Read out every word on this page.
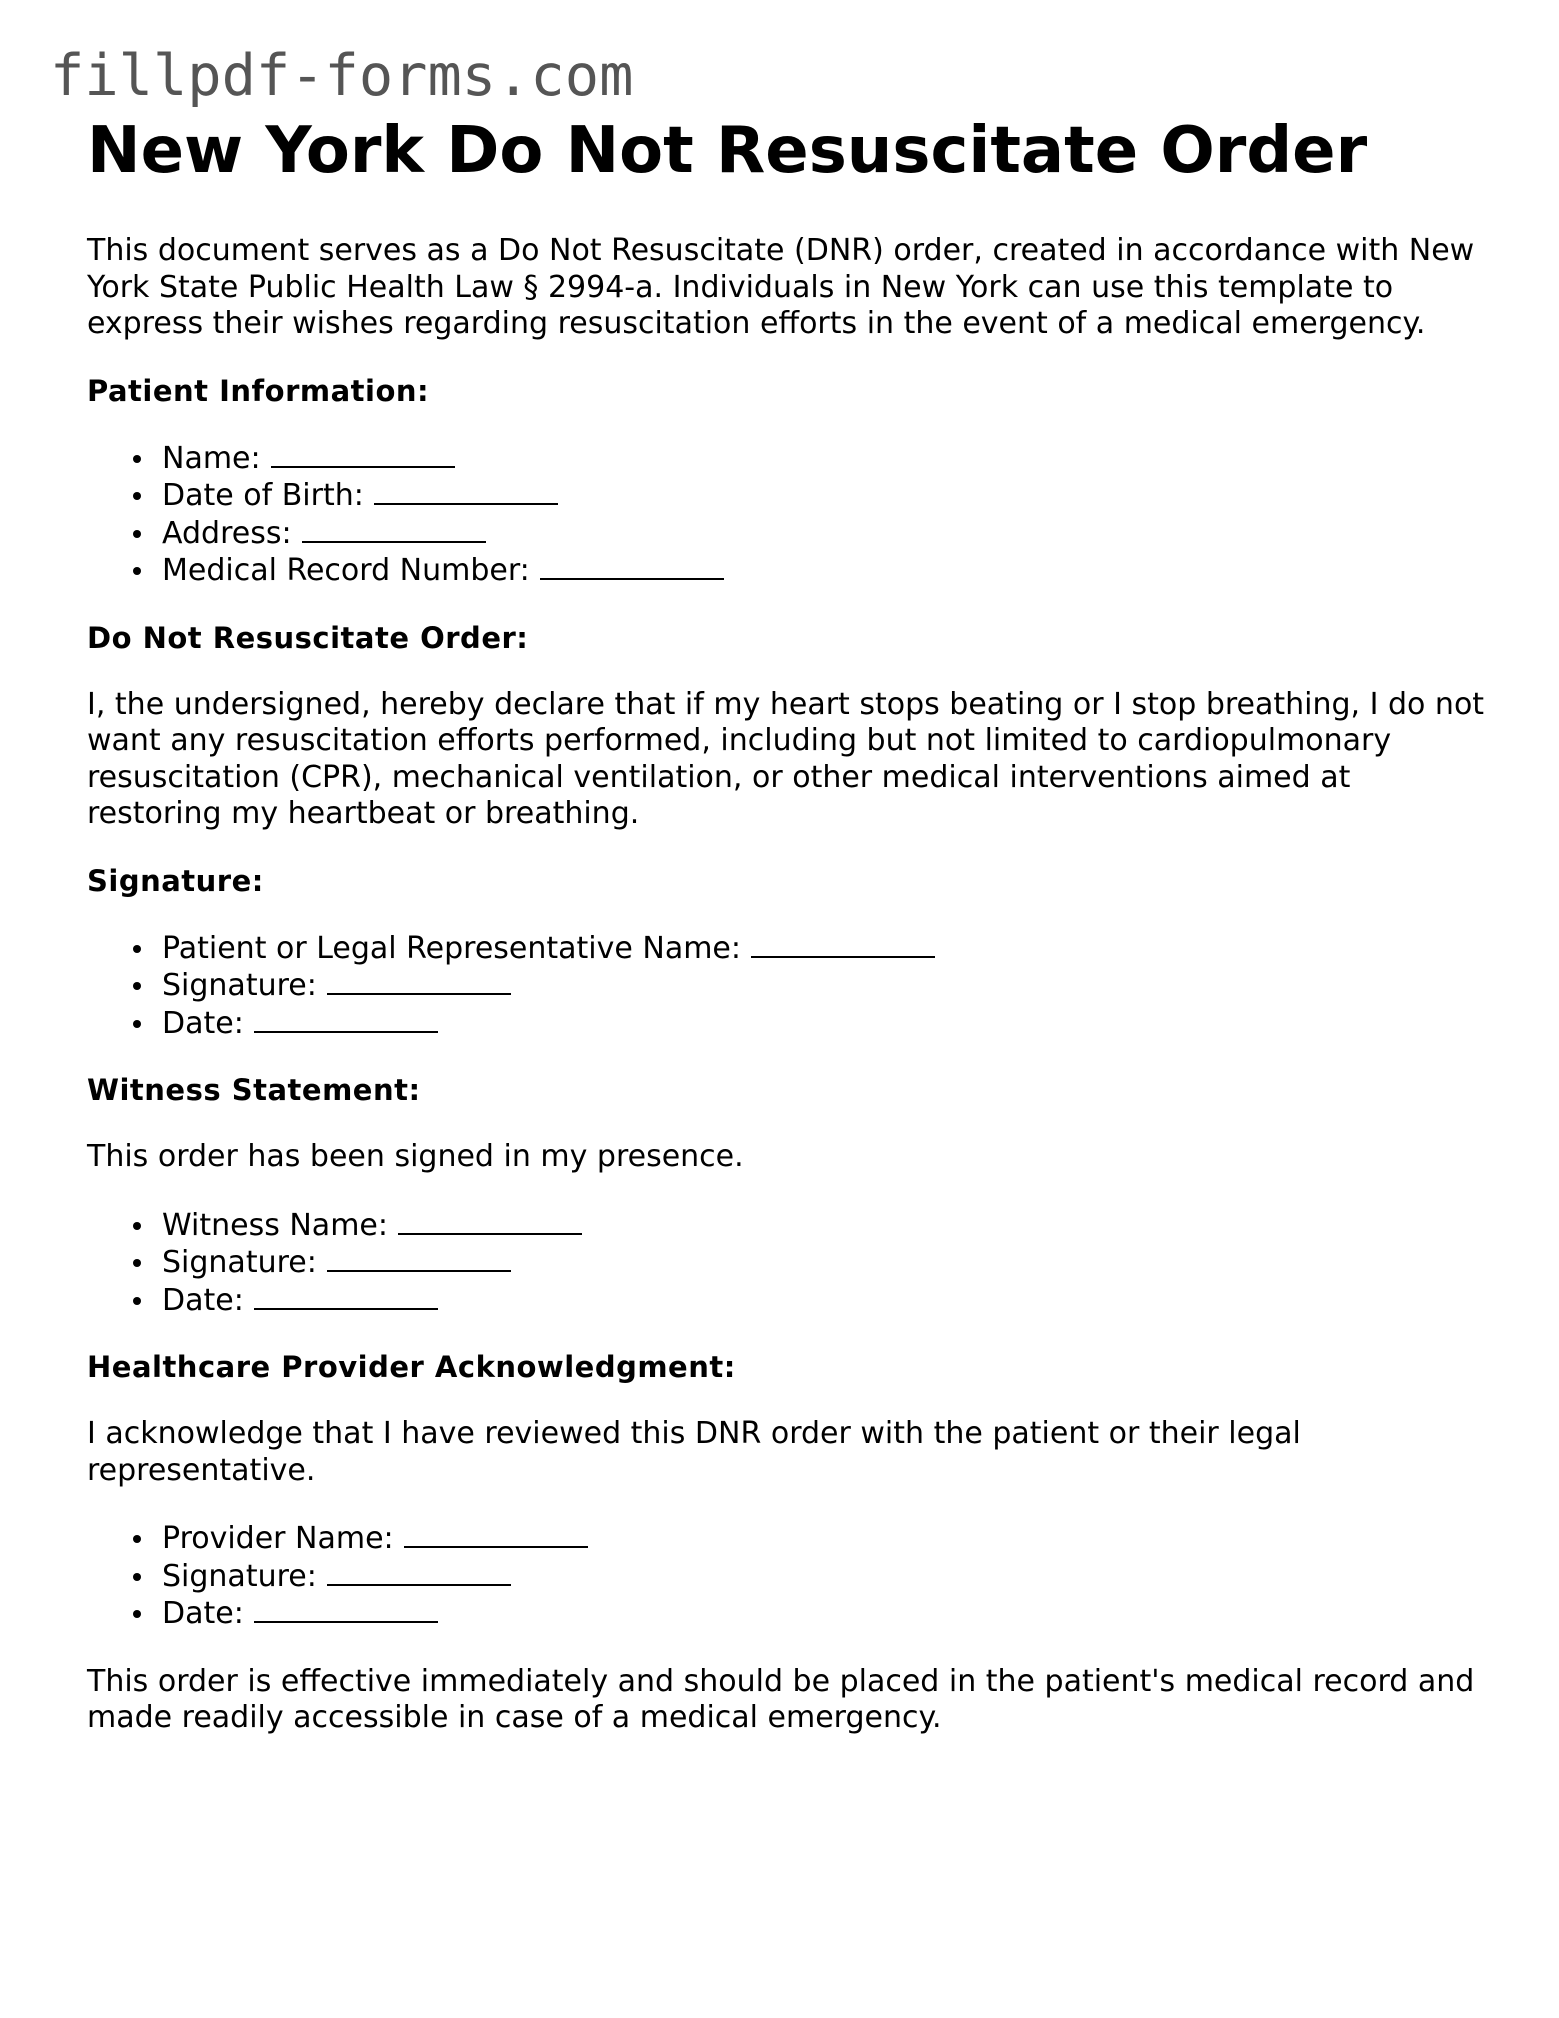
fillpdf-forms.com
New York Do Not Resuscitate Order

This document serves as a Do Not Resuscitate (DNR) order, created in accordance with New York State Public Health Law § 2994-a. Individuals in New York can use this template to express their wishes regarding resuscitation efforts in the event of a medical emergency.

Patient Information:
Name:
Date of Birth:
Address:
Medical Record Number:
Do Not Resuscitate Order:

I, the undersigned, hereby declare that if my heart stops beating or I stop breathing, I do not want any resuscitation efforts performed, including but not limited to cardiopulmonary resuscitation (CPR), mechanical ventilation, or other medical interventions aimed at restoring my heartbeat or breathing.

Signature:
Patient or Legal Representative Name:
Signature:
Date:
Witness Statement:

This order has been signed in my presence.

Witness Name:
Signature:
Date:
Healthcare Provider Acknowledgment:

I acknowledge that I have reviewed this DNR order with the patient or their legal representative.

Provider Name:
Signature:
Date:

This order is effective immediately and should be placed in the patient's medical record and made readily accessible in case of a medical emergency.
